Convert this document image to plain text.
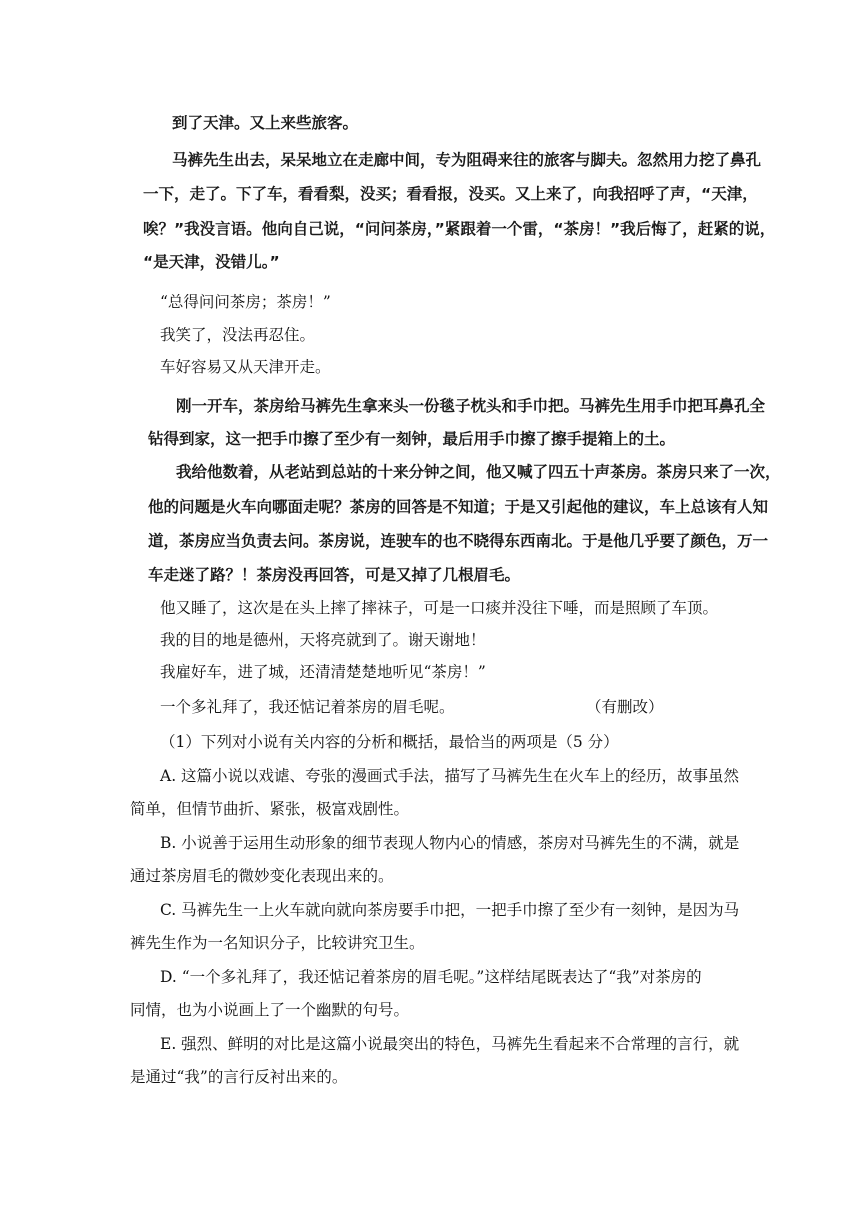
到了天津。又上来些旅客。
马裤先生出去，呆呆地立在走廊中间，专为阻碍来往的旅客与脚夫。忽然用力挖了鼻孔
一下，走了。下了车，看看梨，没买；看看报，没买。又上来了，向我招呼了声，“天津，
唉？”我没言语。他向自己说，“问问茶房，”紧跟着一个雷，“茶房！”我后悔了，赶紧的说，
“是天津，没错儿。”
“总得问问茶房；茶房！”
我笑了，没法再忍住。
车好容易又从天津开走。
刚一开车，茶房给马裤先生拿来头一份毯子枕头和手巾把。马裤先生用手巾把耳鼻孔全
钻得到家，这一把手巾擦了至少有一刻钟，最后用手巾擦了擦手提箱上的土。
我给他数着，从老站到总站的十来分钟之间，他又喊了四五十声茶房。茶房只来了一次，
他的问题是火车向哪面走呢？茶房的回答是不知道；于是又引起他的建议，车上总该有人知
道，茶房应当负责去问。茶房说，连驶车的也不晓得东西南北。于是他几乎要了颜色，万一
车走迷了路？！茶房没再回答，可是又掉了几根眉毛。
他又睡了，这次是在头上摔了摔袜子，可是一口痰并没往下唾，而是照顾了车顶。
我的目的地是德州，天将亮就到了。谢天谢地！
我雇好车，进了城，还清清楚楚地听见“茶房！”
一个多礼拜了，我还惦记着茶房的眉毛呢。	（有删改）
（1）下列对小说有关内容的分析和概括，最恰当的两项是（5 分）
A. 这篇小说以戏谑、夸张的漫画式手法，描写了马裤先生在火车上的经历，故事虽然
简单，但情节曲折、紧张，极富戏剧性。
B. 小说善于运用生动形象的细节表现人物内心的情感，茶房对马裤先生的不满，就是
通过茶房眉毛的微妙变化表现出来的。
C. 马裤先生一上火车就向就向茶房要手巾把，一把手巾擦了至少有一刻钟，是因为马
裤先生作为一名知识分子，比较讲究卫生。
D. “一个多礼拜了，我还惦记着茶房的眉毛呢。”这样结尾既表达了“我”对茶房的
同情，也为小说画上了一个幽默的句号。
E. 强烈、鲜明的对比是这篇小说最突出的特色，马裤先生看起来不合常理的言行，就
是通过“我”的言行反衬出来的。
